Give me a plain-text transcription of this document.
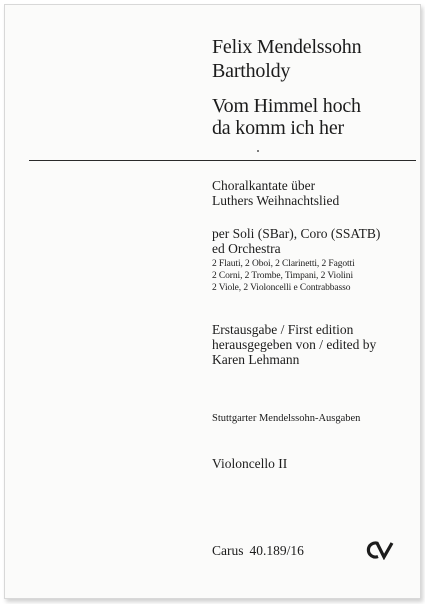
Felix Mendelssohn
Bartholdy
Vom Himmel hoch
da komm ich her
Choralkantate über
Luthers Weihnachtslied
per Soli (SBar), Coro (SSATB)
ed Orchestra
2 Flauti, 2 Oboi, 2 Clarinetti, 2 Fagotti
2 Corni, 2 Trombe, Timpani, 2 Violini
2 Viole, 2 Violoncelli e Contrabbasso
Erstausgabe / First edition
herausgegeben von / edited by
Karen Lehmann
Stuttgarter Mendelssohn-Ausgaben
Violoncello II
Carus 40.189/16
